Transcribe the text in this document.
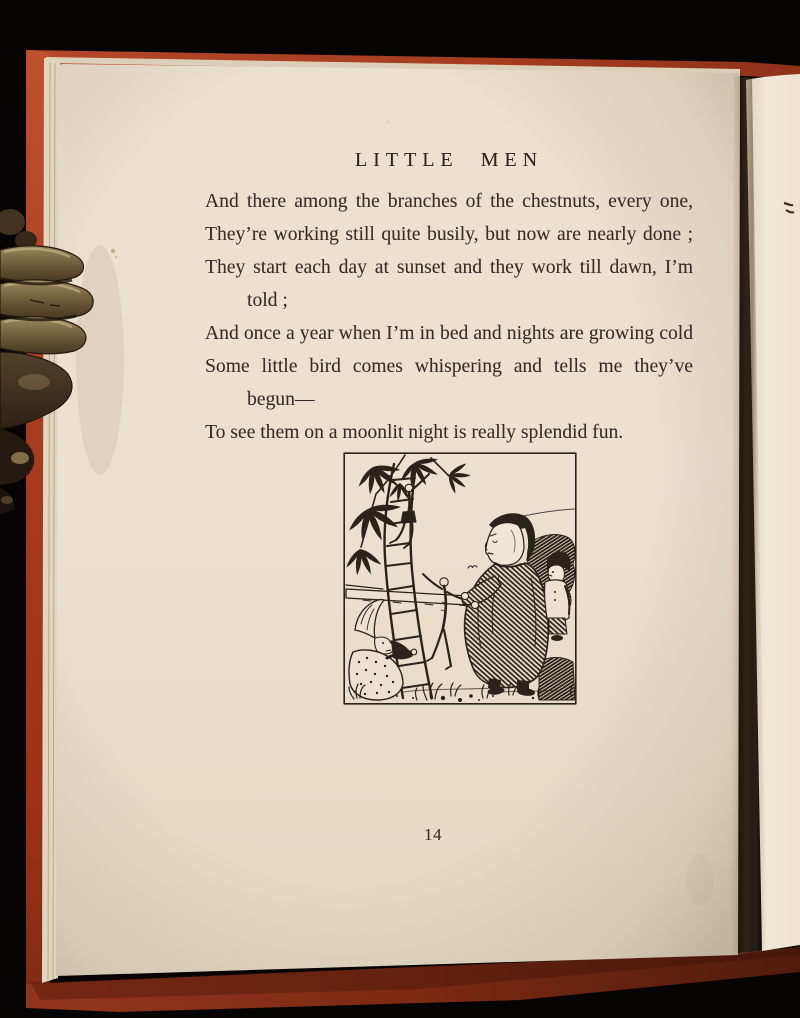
LITTLE MEN
And there among the branches of the chestnuts, every one,
They’re working still quite busily, but now are nearly done ;
They start each day at sunset and they work till dawn, I’m
told ;
And once a year when I’m in bed and nights are growing cold
Some little bird comes whispering and tells me they’ve
begun—
To see them on a moonlit night is really splendid fun.
14
